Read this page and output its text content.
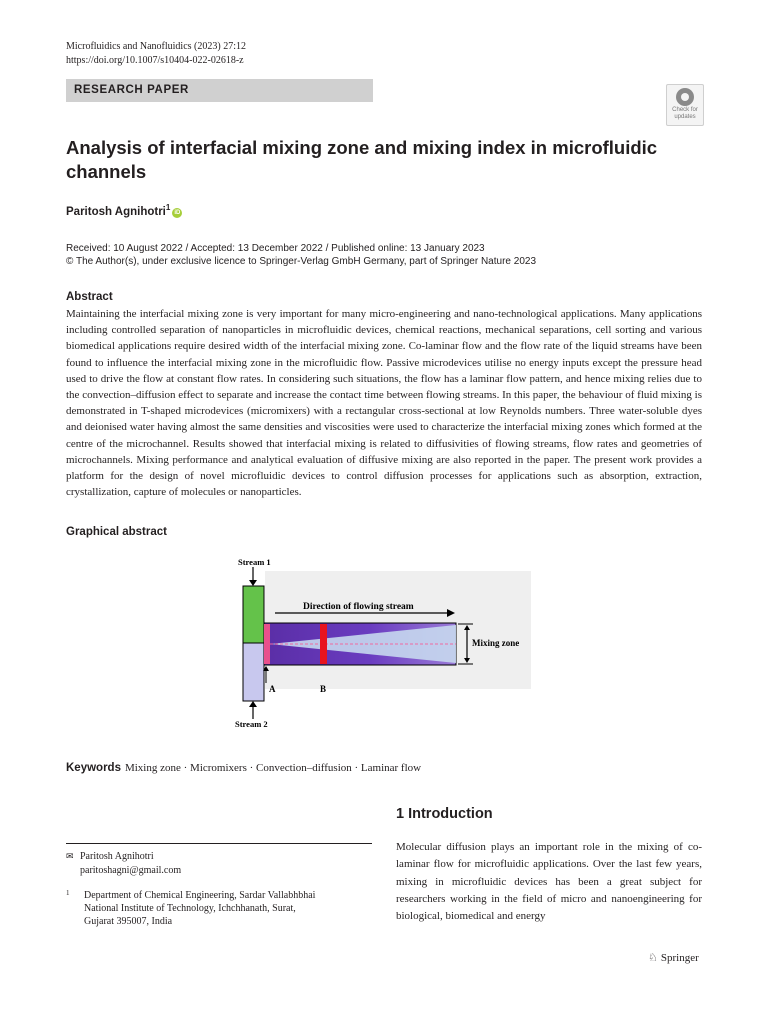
Microfluidics and Nanofluidics (2023) 27:12
https://doi.org/10.1007/s10404-022-02618-z
RESEARCH PAPER
Check for
updates
Analysis of interfacial mixing zone and mixing index in microfluidic channels
Paritosh Agnihotri$^1$iD
Received: 10 August 2022 / Accepted: 13 December 2022 / Published online: 13 January 2023
© The Author(s), under exclusive licence to Springer-Verlag GmbH Germany, part of Springer Nature 2023
Abstract

Maintaining the interfacial mixing zone is very important for many micro-engineering and nano-technological applications. Many applications including controlled separation of nanoparticles in microfluidic devices, chemical reactions, mechanical separations, cell sorting and various biomedical applications require desired width of the interfacial mixing zone. Co-laminar flow and the flow rate of the liquid streams have been found to influence the interfacial mixing zone in the microfluidic flow. Passive microdevices utilise no energy inputs except the pressure head used to drive the flow at constant flow rates. In considering such situations, the flow has a laminar flow pattern, and hence mixing relies due to the convection–diffusion effect to separate and increase the contact time between flowing streams. In this paper, the behaviour of fluid mixing is demonstrated in T-shaped microdevices (micromixers) with a rectangular cross-sectional at low Reynolds numbers. Three water-soluble dyes and deionised water having almost the same densities and viscosities were used to characterize the interfacial mixing zones which formed at the centre of the microchannel. Results showed that interfacial mixing is related to diffusivities of flowing streams, flow rates and geometries of microchannels. Mixing performance and analytical evaluation of diffusive mixing are also reported in the paper. The present work provides a platform for the design of novel microfluidic devices to control diffusion processes for applications such as absorption, extraction, crystallization, capture of molecules or nanoparticles.

Graphical abstract
Stream 1
Stream 2
Direction of flowing stream
Mixing zone
A	B
Keywords Mixing zone · Micromixers · Convection–diffusion · Laminar flow
✉ Paritosh Agnihotri
paritoshagni@gmail.com
1 Department of Chemical Engineering, Sardar Vallabhbhai
National Institute of Technology, Ichchhanath, Surat,
Gujarat 395007, India
1 Introduction

Molecular diffusion plays an important role in the mixing of co-laminar flow for microfluidic applications. Over the last few years, mixing in microfluidic devices has been a great subject for researchers working in the field of micro and nanoengineering for biological, biomedical and energy

♘ Springer
